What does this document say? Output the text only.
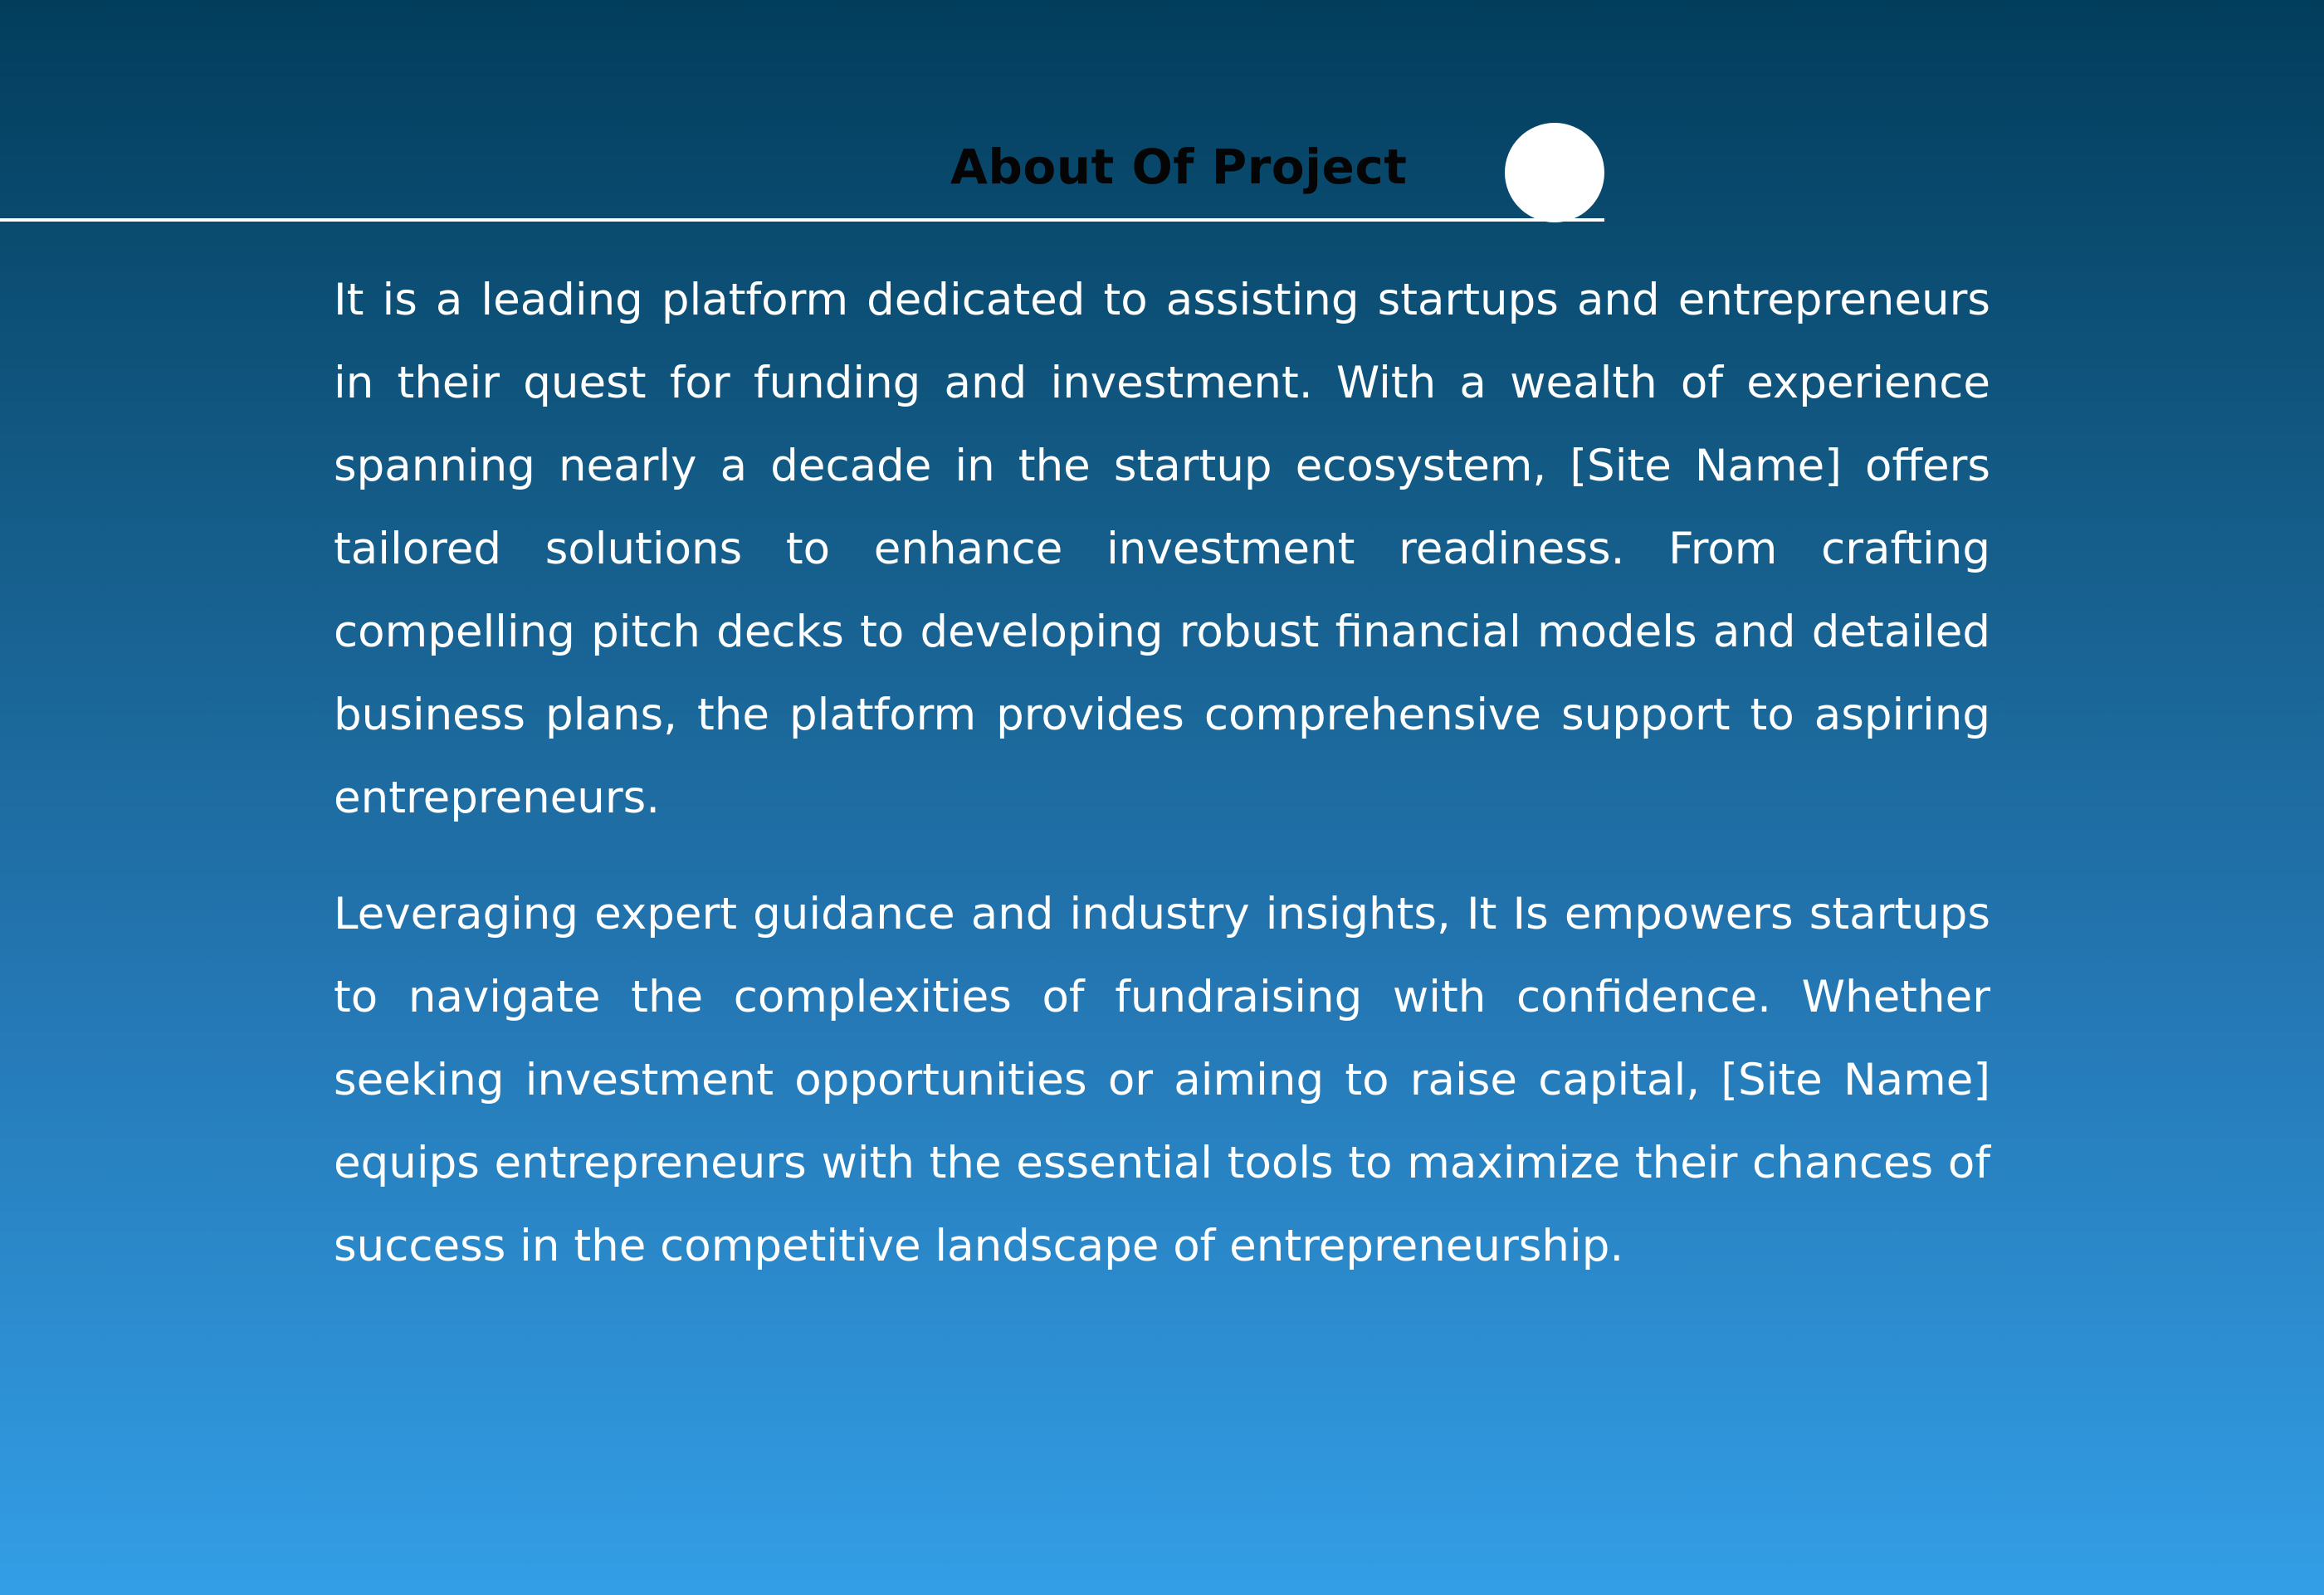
About Of Project

It is a leading platform dedicated to assisting startups and entrepreneurs in their quest for funding and investment. With a wealth of experience spanning nearly a decade in the startup ecosystem, [Site Name] offers tailored solutions to enhance investment readiness. From crafting compelling pitch decks to developing robust financial models and detailed business plans, the platform provides comprehensive support to aspiring entrepreneurs.

Leveraging expert guidance and industry insights, It Is empowers startups to navigate the complexities of fundraising with confidence. Whether seeking investment opportunities or aiming to raise capital, [Site Name] equips entrepreneurs with the essential tools to maximize their chances of success in the competitive landscape of entrepreneurship.
